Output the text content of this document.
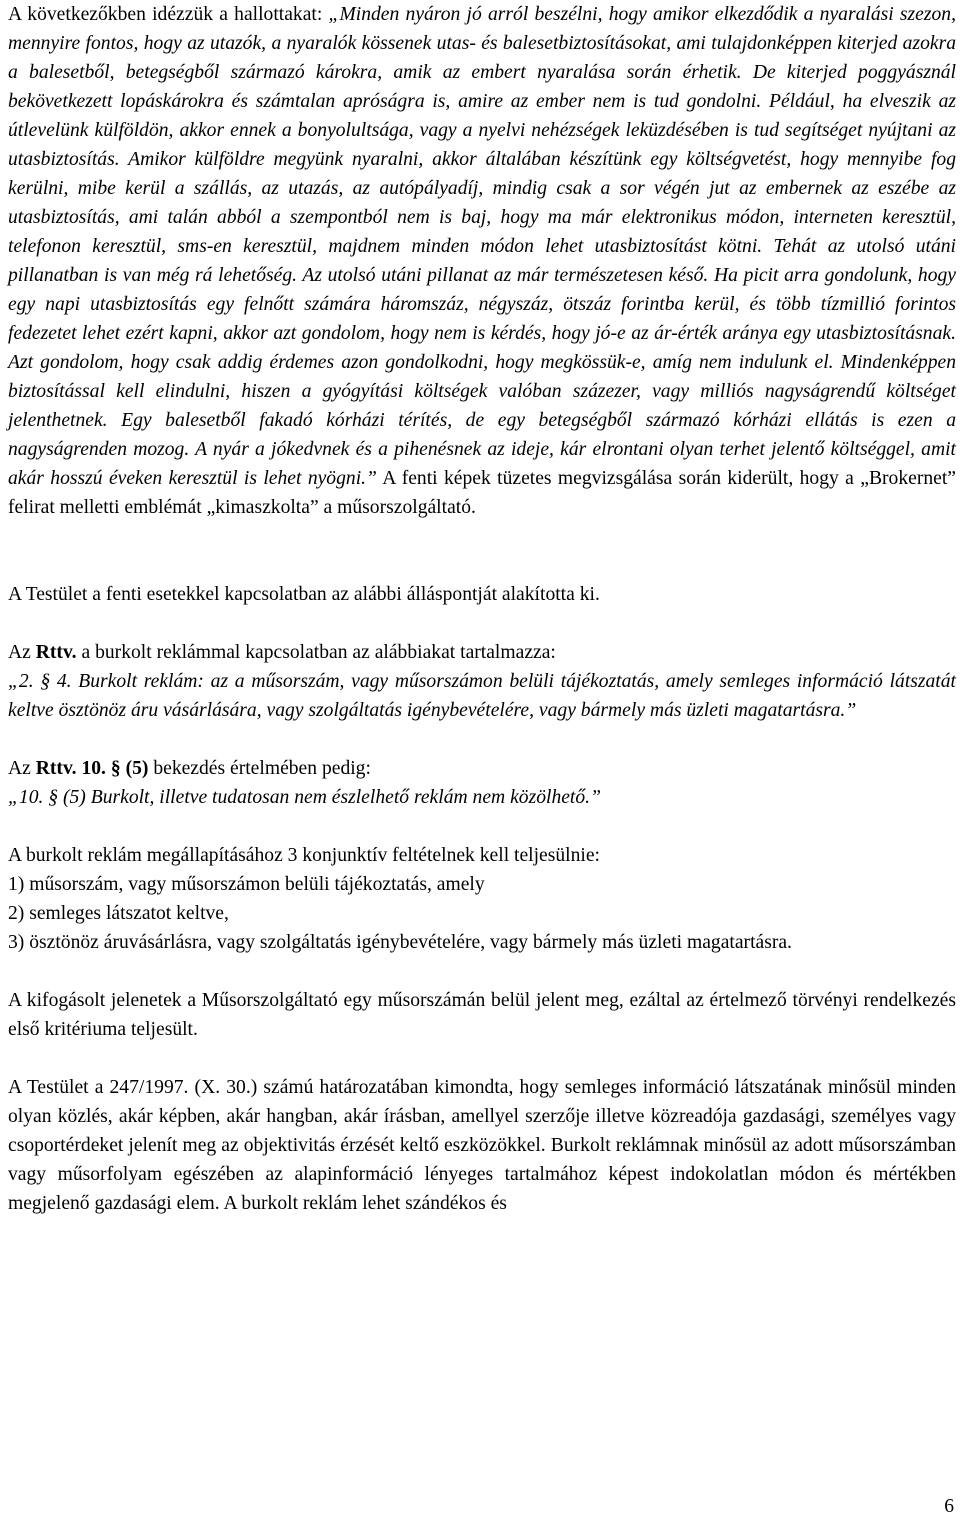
A következőkben idézzük a hallottakat: „Minden nyáron jó arról beszélni, hogy amikor elkezdődik a nyaralási szezon, mennyire fontos, hogy az utazók, a nyaralók kössenek utas- és balesetbiztosításokat, ami tulajdonképpen kiterjed azokra a balesetből, betegségből származó károkra, amik az embert nyaralása során érhetik. De kiterjed poggyásznál bekövetkezett lopáskárokra és számtalan apróságra is, amire az ember nem is tud gondolni. Például, ha elveszik az útlevelünk külföldön, akkor ennek a bonyolultsága, vagy a nyelvi nehézségek leküzdésében is tud segítséget nyújtani az utasbiztosítás. Amikor külföldre megyünk nyaralni, akkor általában készítünk egy költségvetést, hogy mennyibe fog kerülni, mibe kerül a szállás, az utazás, az autópályadíj, mindig csak a sor végén jut az embernek az eszébe az utasbiztosítás, ami talán abból a szempontból nem is baj, hogy ma már elektronikus módon, interneten keresztül, telefonon keresztül, sms-en keresztül, majdnem minden módon lehet utasbiztosítást kötni. Tehát az utolsó utáni pillanatban is van még rá lehetőség. Az utolsó utáni pillanat az már természetesen késő. Ha picit arra gondolunk, hogy egy napi utasbiztosítás egy felnőtt számára háromszáz, négyszáz, ötszáz forintba kerül, és több tízmillió forintos fedezetet lehet ezért kapni, akkor azt gondolom, hogy nem is kérdés, hogy jó-e az ár-érték aránya egy utasbiztosításnak. Azt gondolom, hogy csak addig érdemes azon gondolkodni, hogy megkössük-e, amíg nem indulunk el. Mindenképpen biztosítással kell elindulni, hiszen a gyógyítási költségek valóban százezer, vagy milliós nagyságrendű költséget jelenthetnek. Egy balesetből fakadó kórházi térítés, de egy betegségből származó kórházi ellátás is ezen a nagyságrenden mozog. A nyár a jókedvnek és a pihenésnek az ideje, kár elrontani olyan terhet jelentő költséggel, amit akár hosszú éveken keresztül is lehet nyögni.” A fenti képek tüzetes megvizsgálása során kiderült, hogy a „Brokernet” felirat melletti emblémát „kimaszkolta” a műsorszolgáltató.

A Testület a fenti esetekkel kapcsolatban az alábbi álláspontját alakította ki.

Az Rttv. a burkolt reklámmal kapcsolatban az alábbiakat tartalmazza:

„2. § 4. Burkolt reklám: az a műsorszám, vagy műsorszámon belüli tájékoztatás, amely semleges információ látszatát keltve ösztönöz áru vásárlására, vagy szolgáltatás igénybevételére, vagy bármely más üzleti magatartásra.”

Az Rttv. 10. § (5) bekezdés értelmében pedig:

„10. § (5) Burkolt, illetve tudatosan nem észlelhető reklám nem közölhető.”

A burkolt reklám megállapításához 3 konjunktív feltételnek kell teljesülnie:

1) műsorszám, vagy műsorszámon belüli tájékoztatás, amely

2) semleges látszatot keltve,

3) ösztönöz áruvásárlásra, vagy szolgáltatás igénybevételére, vagy bármely más üzleti magatartásra.

A kifogásolt jelenetek a Műsorszolgáltató egy műsorszámán belül jelent meg, ezáltal az értelmező törvényi rendelkezés első kritériuma teljesült.

A Testület a 247/1997. (X. 30.) számú határozatában kimondta, hogy semleges információ látszatának minősül minden olyan közlés, akár képben, akár hangban, akár írásban, amellyel szerzője illetve közreadója gazdasági, személyes vagy csoportérdeket jelenít meg az objektivitás érzését keltő eszközökkel. Burkolt reklámnak minősül az adott műsorszámban vagy műsorfolyam egészében az alapinformáció lényeges tartalmához képest indokolatlan módon és mértékben megjelenő gazdasági elem. A burkolt reklám lehet szándékos és

6
